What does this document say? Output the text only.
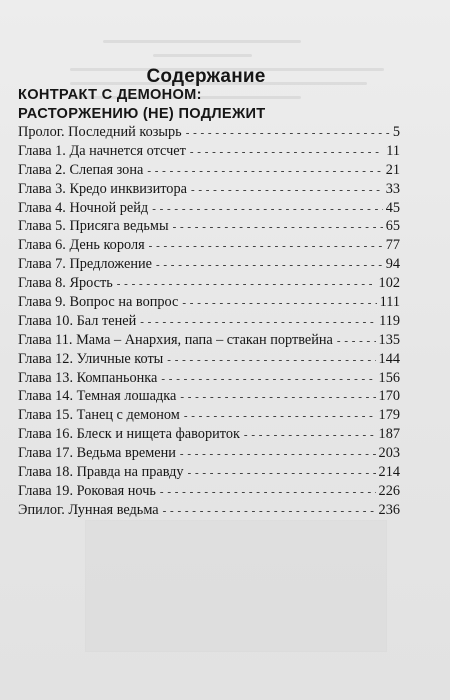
Содержание
КОНТРАКТ С ДЕМОНОМ:
РАСТОРЖЕНИЮ (НЕ) ПОДЛЕЖИТ
Пролог. Последний козырь - - -	5
Глава 1. Да начнется отсчет - - -	11
Глава 2. Слепая зона - - -	21
Глава 3. Кредо инквизитора - - -	33
Глава 4. Ночной рейд - - -	45
Глава 5. Присяга ведьмы - - -	65
Глава 6. День короля - - -	77
Глава 7. Предложение - - -	94
Глава 8. Ярость - - -	102
Глава 9. Вопрос на вопрос - - -	111
Глава 10. Бал теней - - -	119
Глава 11. Мама – Анархия, папа – стакан портвейна - - -	135
Глава 12. Уличные коты - - -	144
Глава 13. Компаньонка - - -	156
Глава 14. Темная лошадка - - -	170
Глава 15. Танец с демоном - - -	179
Глава 16. Блеск и нищета фавориток - - -	187
Глава 17. Ведьма времени - - -	203
Глава 18. Правда на правду - - -	214
Глава 19. Роковая ночь - - -	226
Эпилог. Лунная ведьма - - -	236
